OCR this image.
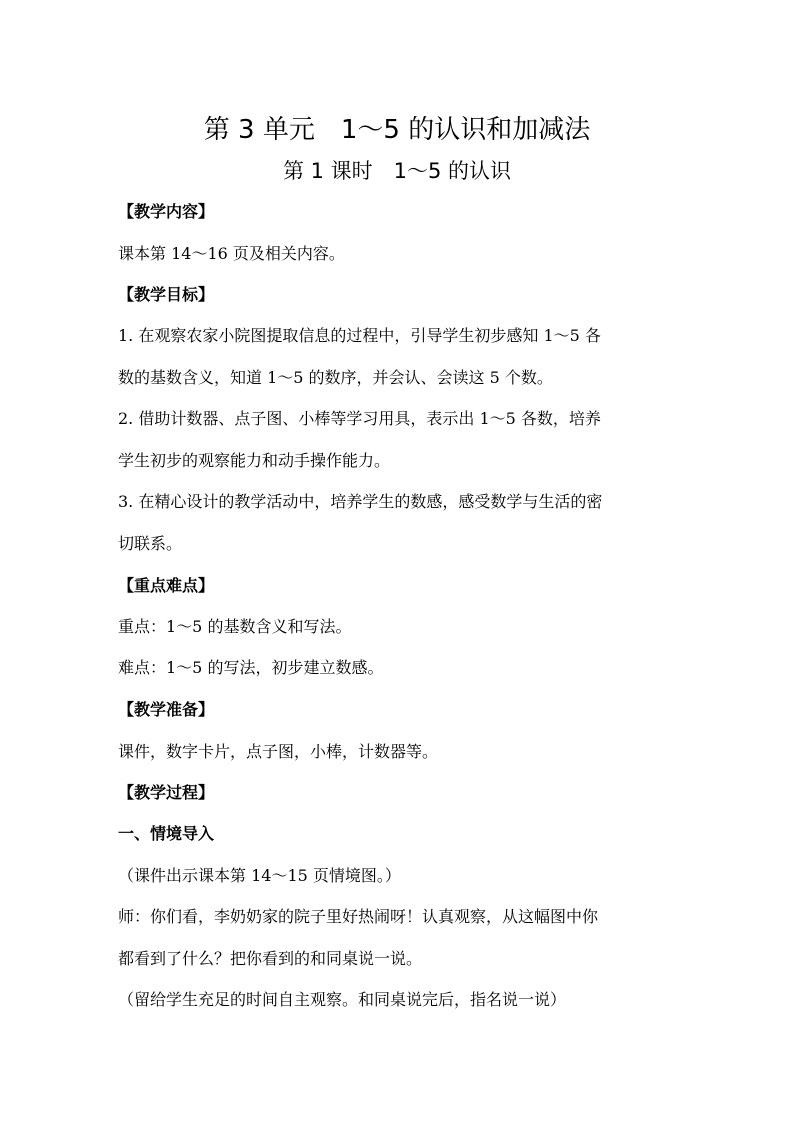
第 3 单元　1～5 的认识和加减法
第 1 课时　1～5 的认识
【教学内容】
课本第 14～16 页及相关内容。
【教学目标】
1. 在观察农家小院图提取信息的过程中，引导学生初步感知 1～5 各
数的基数含义，知道 1～5 的数序，并会认、会读这 5 个数。
2. 借助计数器、点子图、小棒等学习用具，表示出 1～5 各数，培养
学生初步的观察能力和动手操作能力。
3. 在精心设计的教学活动中，培养学生的数感，感受数学与生活的密
切联系。
【重点难点】
重点：1～5 的基数含义和写法。
难点：1～5 的写法，初步建立数感。
【教学准备】
课件，数字卡片，点子图，小棒，计数器等。
【教学过程】
一、情境导入
（课件出示课本第 14～15 页情境图。）
师：你们看，李奶奶家的院子里好热闹呀！认真观察，从这幅图中你
都看到了什么？把你看到的和同桌说一说。
（留给学生充足的时间自主观察。和同桌说完后，指名说一说）
